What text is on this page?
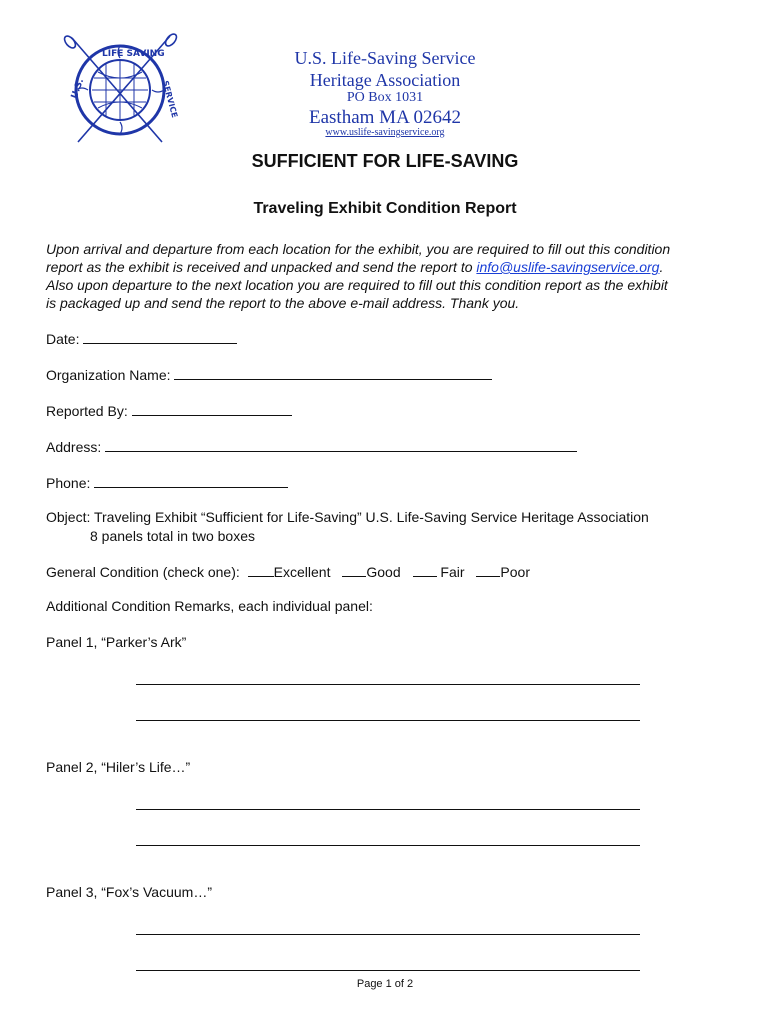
LIFE SAVING
U.S.	SERVICE
U.S. Life-Saving Service
Heritage Association
PO Box 1031
Eastham MA 02642
www.uslife-savingservice.org
SUFFICIENT FOR LIFE-SAVING
Traveling Exhibit Condition Report
Upon arrival and departure from each location for the exhibit, you are required to fill out this condition
report as the exhibit is received and unpacked and send the report to info@uslife-savingservice.org.
Also upon departure to the next location you are required to fill out this condition report as the exhibit
is packaged up and send the report to the above e-mail address. Thank you.
Date:
Organization Name:
Reported By:
Address:
Phone:
Object: Traveling Exhibit “Sufficient for Life-Saving” U.S. Life-Saving Service Heritage Association
8 panels total in two boxes
General Condition (check one): Excellent	Good	Fair	Poor
Additional Condition Remarks, each individual panel:
Panel 1, “Parker’s Ark”
Panel 2, “Hiler’s Life…”
Panel 3, “Fox’s Vacuum…”
Page 1 of 2
